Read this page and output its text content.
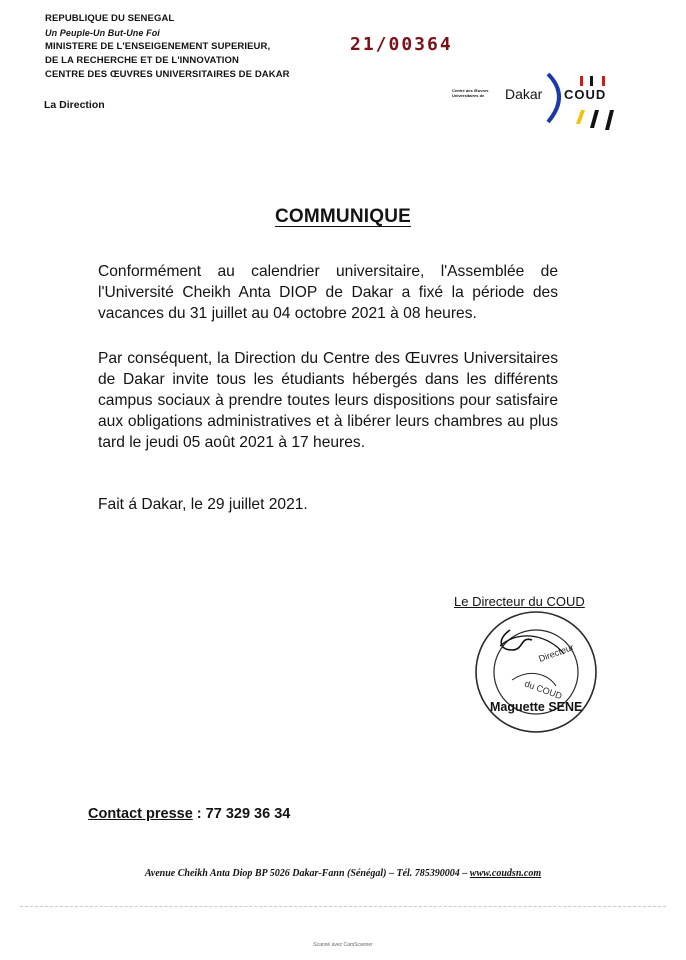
REPUBLIQUE DU SENEGAL
Un Peuple-Un But-Une Foi
MINISTERE DE L'ENSEIGENEMENT SUPERIEUR,
DE LA RECHERCHE ET DE L'INNOVATION
CENTRE DES ŒUVRES UNIVERSITAIRES DE DAKAR
La Direction
21/00364
Centre des Œuvres Universitaires de	Dakar COUD
COMMUNIQUE
Conformément au calendrier universitaire, l'Assemblée de l'Université Cheikh Anta DIOP de Dakar a fixé la période des vacances du 31 juillet au 04 octobre 2021 à 08 heures.
Par conséquent, la Direction du Centre des Œuvres Universitaires de Dakar invite tous les étudiants hébergés dans les différents campus sociaux à prendre toutes leurs dispositions pour satisfaire aux obligations administratives et à libérer leurs chambres au plus tard le jeudi 05 août 2021 à 17 heures.
Fait á Dakar, le 29 juillet 2021.
Directeur
du COUD
Le Directeur du COUD
Maguette SENE
Contact presse : 77 329 36 34
Avenue Cheikh Anta Diop BP 5026 Dakar-Fann (Sénégal) – Tél. 785390004 – www.coudsn.com
Scanné avec CamScanner
